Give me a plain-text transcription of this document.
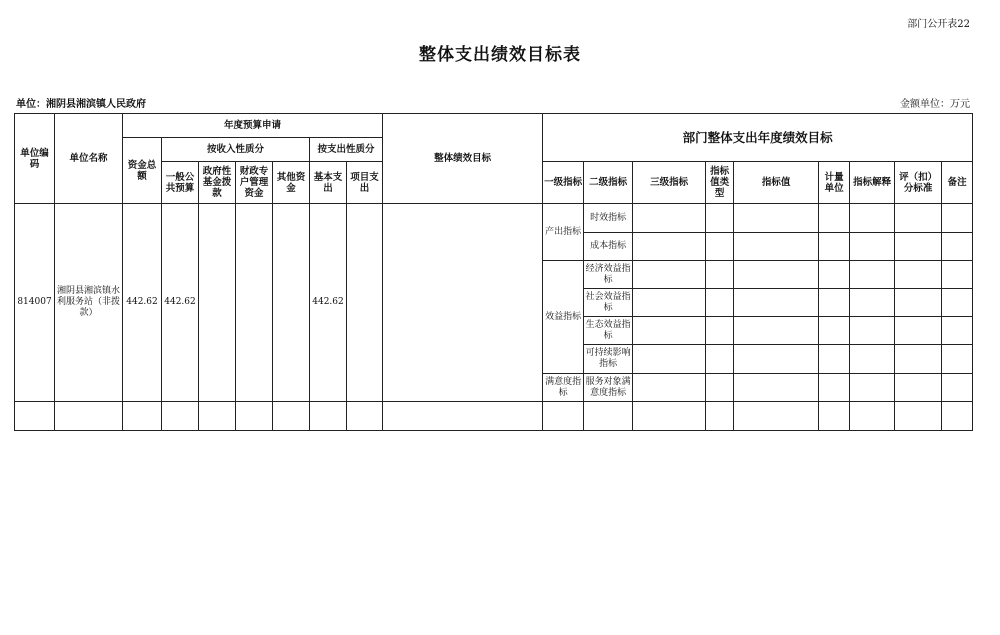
部门公开表22
整体支出绩效目标表
单位：湘阴县湘滨镇人民政府	金额单位：万元
单位编码	单位名称	年度预算申请							整体绩效目标	部门整体支出年度绩效目标								
		资金总额	按收入性质分				按支出性质分											
			一般公共预算	政府性基金拨款	财政专户管理资金	其他资金	基本支出	项目支出		一级指标	二级指标	三级指标	指标值类型	指标值	计量单位	指标解释	评（扣）分标准	备注
814007	湘阴县湘滨镇水利服务站（非拨款）	442.62	442.62				442.62			产出指标	时效指标							
											成本指标							
										效益指标	经济效益指标							
											社会效益指标							
											生态效益指标							
											可持续影响指标							
										满意度指标	服务对象满意度指标							
